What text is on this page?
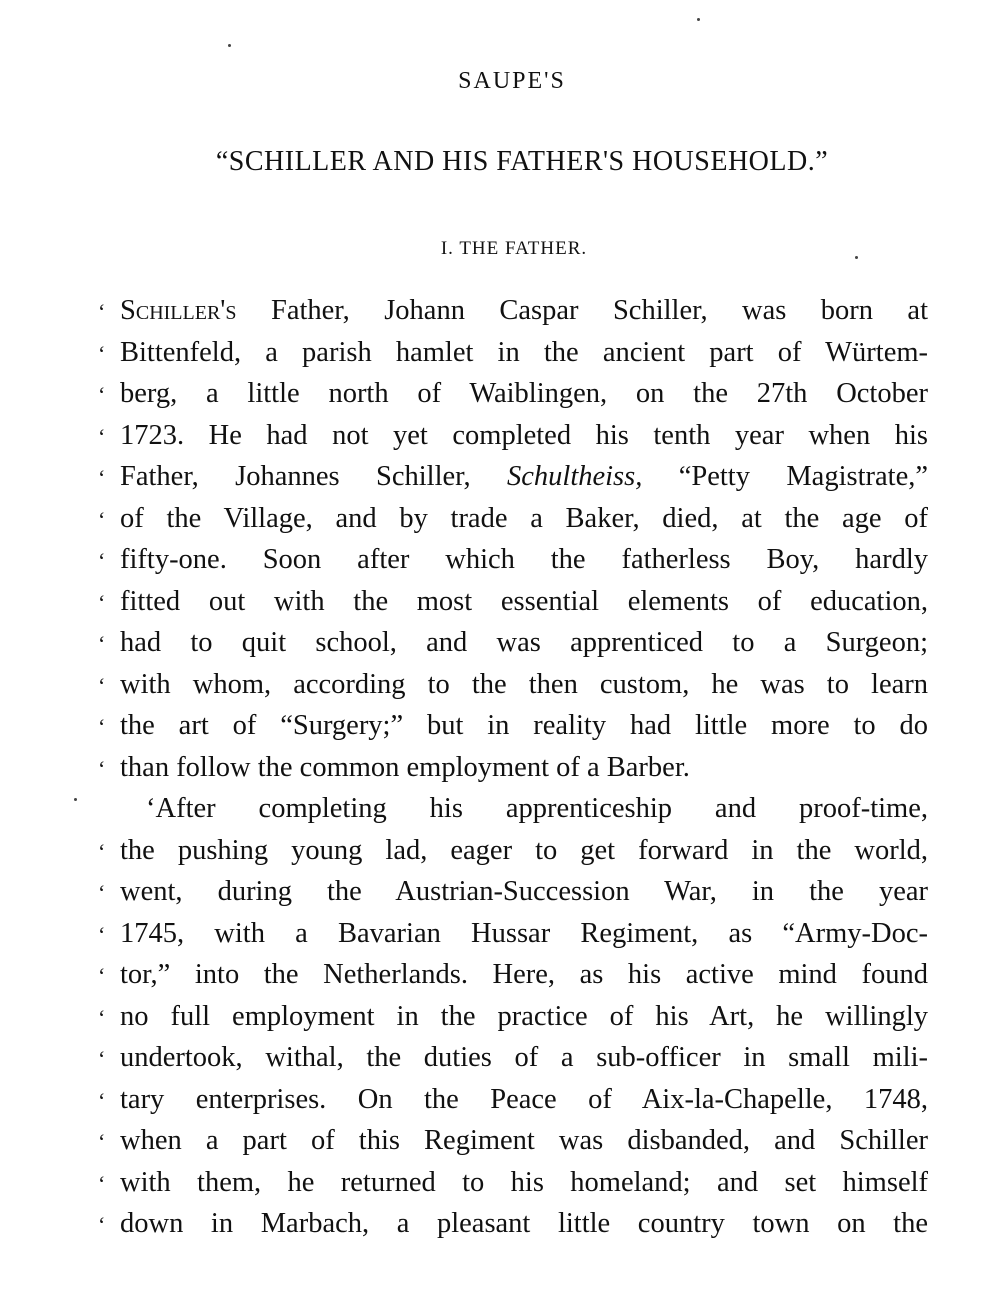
SAUPE'S
“SCHILLER AND HIS FATHER'S HOUSEHOLD.”
I. THE FATHER.
‘ Schiller's Father, Johann Caspar Schiller, was born at
‘ Bittenfeld, a parish hamlet in the ancient part of Würtem-
‘ berg, a little north of Waiblingen, on the 27th October
‘ 1723. He had not yet completed his tenth year when his
‘ Father, Johannes Schiller, Schultheiss, “Petty Magistrate,”
‘ of the Village, and by trade a Baker, died, at the age of
‘ fifty-one. Soon after which the fatherless Boy, hardly
‘ fitted out with the most essential elements of education,
‘ had to quit school, and was apprenticed to a Surgeon;
‘ with whom, according to the then custom, he was to learn
‘ the art of “Surgery;” but in reality had little more to do
‘ than follow the common employment of a Barber.
‘After completing his apprenticeship and proof-time,
‘ the pushing young lad, eager to get forward in the world,
‘ went, during the Austrian-Succession War, in the year
‘ 1745, with a Bavarian Hussar Regiment, as “Army-Doc-
‘ tor,” into the Netherlands. Here, as his active mind found
‘ no full employment in the practice of his Art, he willingly
‘ undertook, withal, the duties of a sub-officer in small mili-
‘ tary enterprises. On the Peace of Aix-la-Chapelle, 1748,
‘ when a part of this Regiment was disbanded, and Schiller
‘ with them, he returned to his homeland; and set himself
‘ down in Marbach, a pleasant little country town on the
